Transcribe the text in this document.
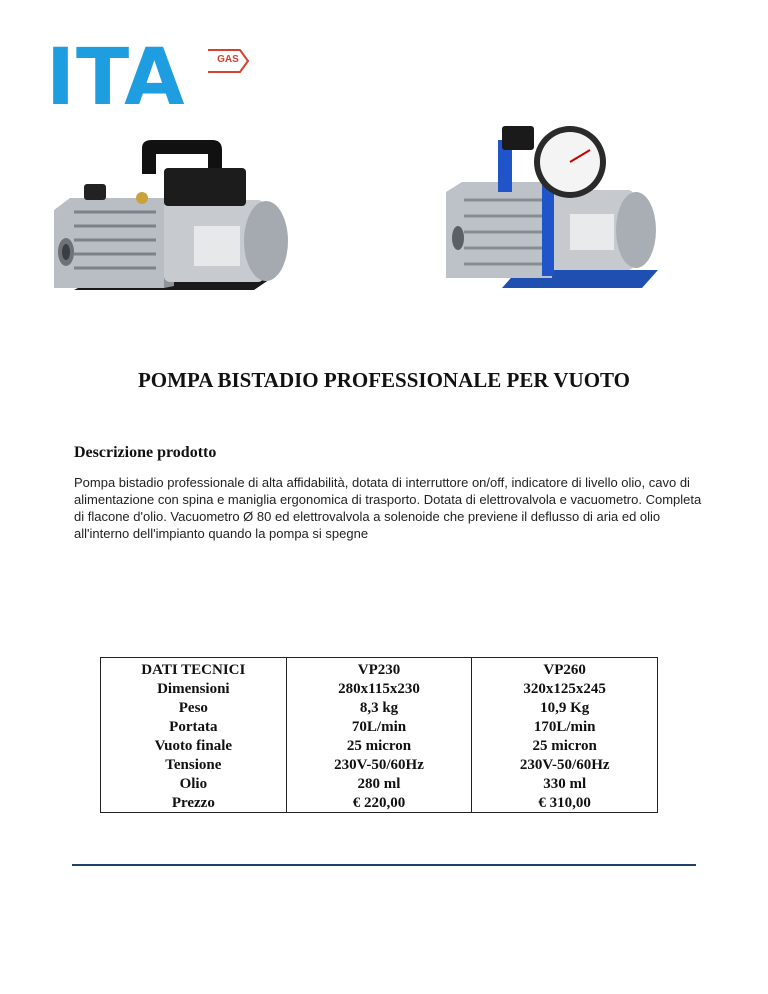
ITA	GAS
POMPA BISTADIO PROFESSIONALE PER VUOTO
Descrizione prodotto

Pompa bistadio professionale di alta affidabilità, dotata di interruttore on/off, indicatore di livello olio, cavo di alimentazione con spina e maniglia ergonomica di trasporto. Dotata di elettrovalvola e vacuometro. Completa di flacone d'olio. Vacuometro Ø 80 ed elettrovalvola a solenoide che previene il deflusso di aria ed olio all'interno dell'impianto quando la pompa si spegne

DATI TECNICI
Dimensioni
Peso
Portata
Vuoto finale
Tensione
Olio
Prezzo
VP230
280x115x230
8,3 kg
70L/min
25 micron
230V-50/60Hz
280 ml
€ 220,00
VP260
320x125x245
10,9 Kg
170L/min
25 micron
230V-50/60Hz
330 ml
€ 310,00
